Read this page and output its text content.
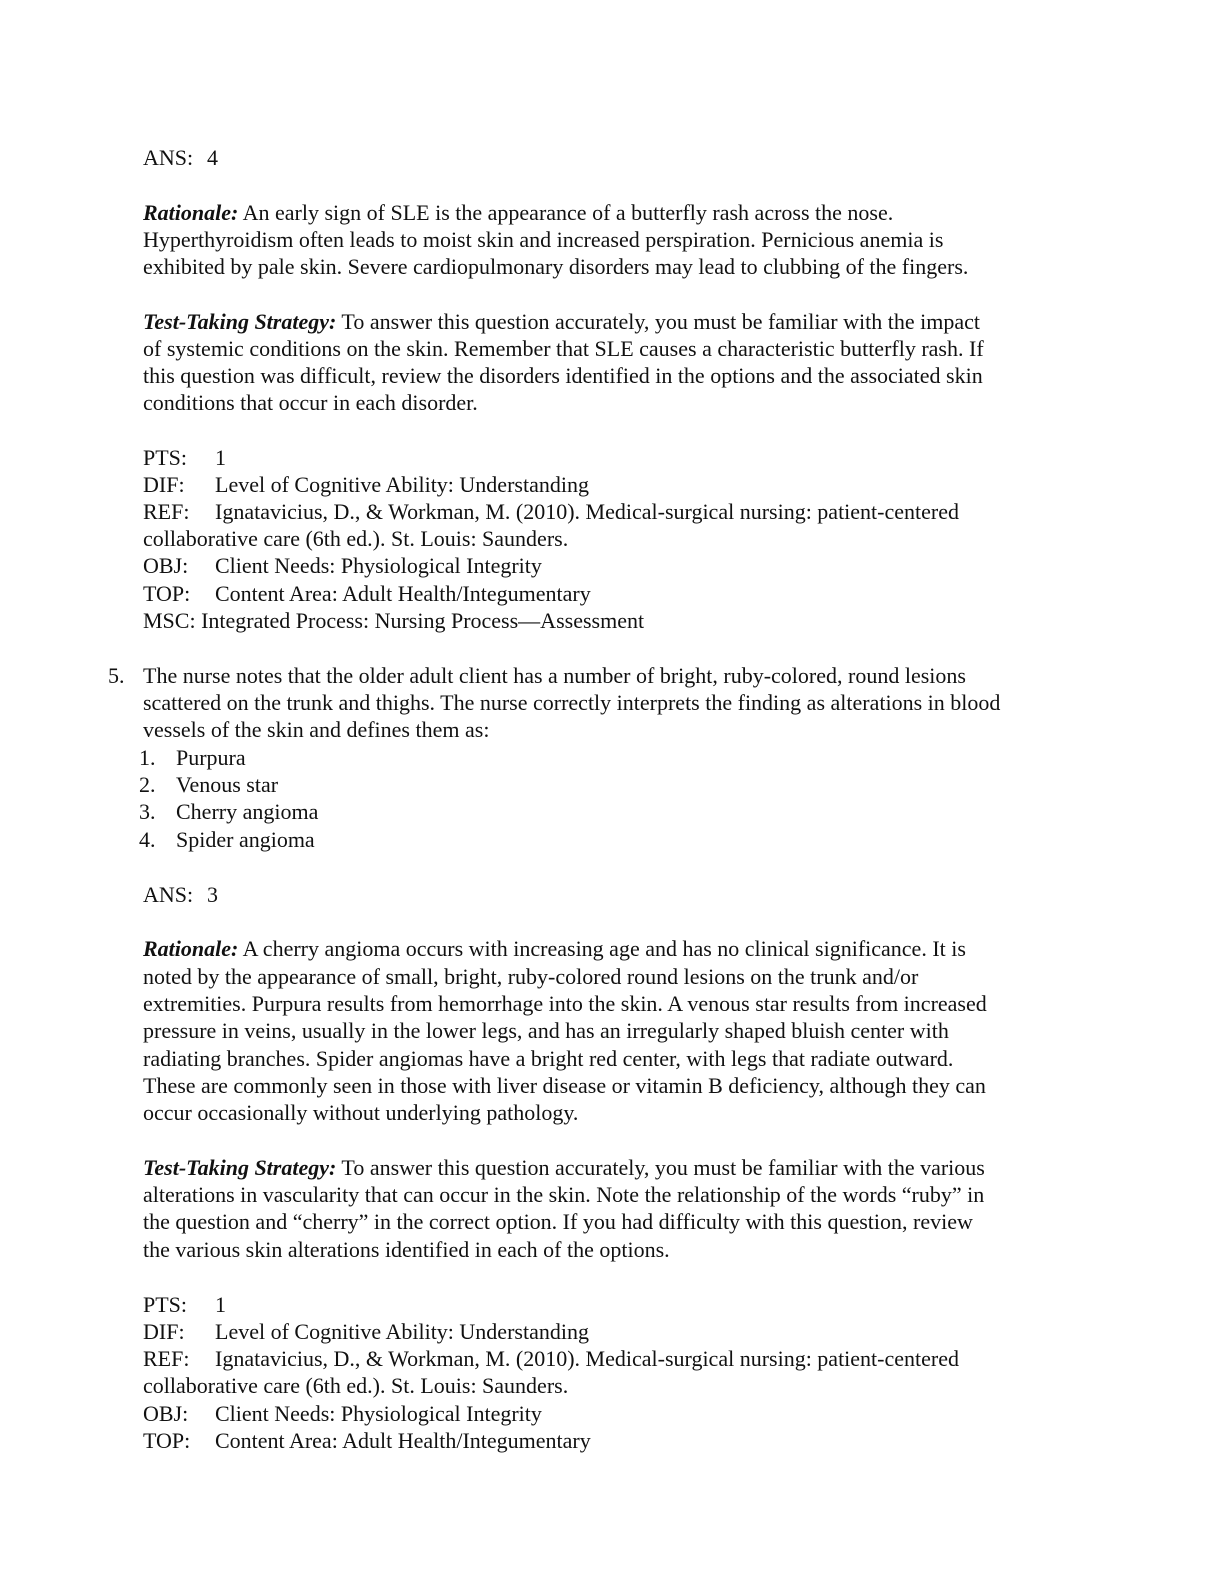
ANS: 4
Rationale: An early sign of SLE is the appearance of a butterfly rash across the nose.
Hyperthyroidism often leads to moist skin and increased perspiration. Pernicious anemia is
exhibited by pale skin. Severe cardiopulmonary disorders may lead to clubbing of the fingers.
Test-Taking Strategy: To answer this question accurately, you must be familiar with the impact
of systemic conditions on the skin. Remember that SLE causes a characteristic butterfly rash. If
this question was difficult, review the disorders identified in the options and the associated skin
conditions that occur in each disorder.
PTS: 1
DIF: Level of Cognitive Ability: Understanding
REF: Ignatavicius, D., & Workman, M. (2010). Medical-surgical nursing: patient-centered
collaborative care (6th ed.). St. Louis: Saunders.
OBJ: Client Needs: Physiological Integrity
TOP: Content Area: Adult Health/Integumentary
MSC: Integrated Process: Nursing Process—Assessment
5. The nurse notes that the older adult client has a number of bright, ruby-colored, round lesions
scattered on the trunk and thighs. The nurse correctly interprets the finding as alterations in blood
vessels of the skin and defines them as:
1. Purpura
2. Venous star
3. Cherry angioma
4. Spider angioma
ANS: 3
Rationale: A cherry angioma occurs with increasing age and has no clinical significance. It is
noted by the appearance of small, bright, ruby-colored round lesions on the trunk and/or
extremities. Purpura results from hemorrhage into the skin. A venous star results from increased
pressure in veins, usually in the lower legs, and has an irregularly shaped bluish center with
radiating branches. Spider angiomas have a bright red center, with legs that radiate outward.
These are commonly seen in those with liver disease or vitamin B deficiency, although they can
occur occasionally without underlying pathology.
Test-Taking Strategy: To answer this question accurately, you must be familiar with the various
alterations in vascularity that can occur in the skin. Note the relationship of the words “ruby” in
the question and “cherry” in the correct option. If you had difficulty with this question, review
the various skin alterations identified in each of the options.
PTS: 1
DIF: Level of Cognitive Ability: Understanding
REF: Ignatavicius, D., & Workman, M. (2010). Medical-surgical nursing: patient-centered
collaborative care (6th ed.). St. Louis: Saunders.
OBJ: Client Needs: Physiological Integrity
TOP: Content Area: Adult Health/Integumentary
